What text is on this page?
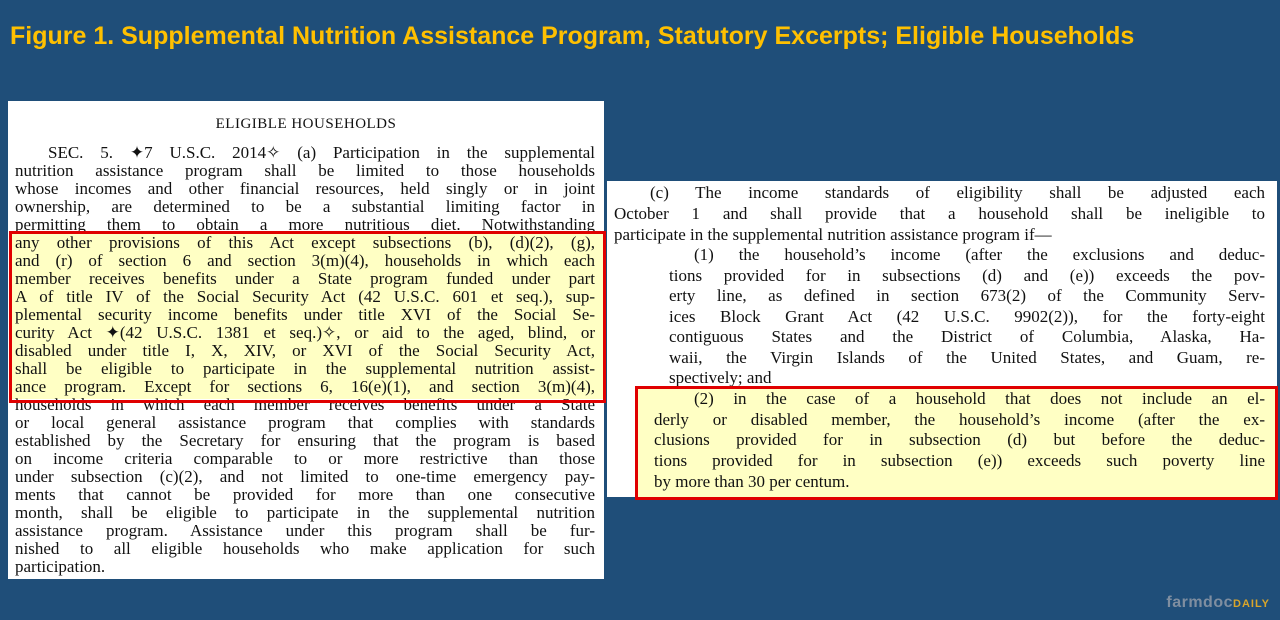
Figure 1. Supplemental Nutrition Assistance Program, Statutory Excerpts; Eligible Households
ELIGIBLE HOUSEHOLDS
SEC. 5. ✦7 U.S.C. 2014✧ (a) Participation in the supplemental
nutrition assistance program shall be limited to those households
whose incomes and other financial resources, held singly or in joint
ownership, are determined to be a substantial limiting factor in
permitting them to obtain a more nutritious diet. Notwithstanding
any other provisions of this Act except subsections (b), (d)(2), (g),
and (r) of section 6 and section 3(m)(4), households in which each
member receives benefits under a State program funded under part
A of title IV of the Social Security Act (42 U.S.C. 601 et seq.), sup-
plemental security income benefits under title XVI of the Social Se-
curity Act ✦(42 U.S.C. 1381 et seq.)✧, or aid to the aged, blind, or
disabled under title I, X, XIV, or XVI of the Social Security Act,
shall be eligible to participate in the supplemental nutrition assist-
ance program. Except for sections 6, 16(e)(1), and section 3(m)(4),
households in which each member receives benefits under a State
or local general assistance program that complies with standards
established by the Secretary for ensuring that the program is based
on income criteria comparable to or more restrictive than those
under subsection (c)(2), and not limited to one-time emergency pay-
ments that cannot be provided for more than one consecutive
month, shall be eligible to participate in the supplemental nutrition
assistance program. Assistance under this program shall be fur-
nished to all eligible households who make application for such
participation.
(c) The income standards of eligibility shall be adjusted each
October 1 and shall provide that a household shall be ineligible to
participate in the supplemental nutrition assistance program if—
(1) the household’s income (after the exclusions and deduc-
tions provided for in subsections (d) and (e)) exceeds the pov-
erty line, as defined in section 673(2) of the Community Serv-
ices Block Grant Act (42 U.S.C. 9902(2)), for the forty-eight
contiguous States and the District of Columbia, Alaska, Ha-
waii, the Virgin Islands of the United States, and Guam, re-
spectively; and
(2) in the case of a household that does not include an el-
derly or disabled member, the household’s income (after the ex-
clusions provided for in subsection (d) but before the deduc-
tions provided for in subsection (e)) exceeds such poverty line
by more than 30 per centum.
farmdocDAILY
